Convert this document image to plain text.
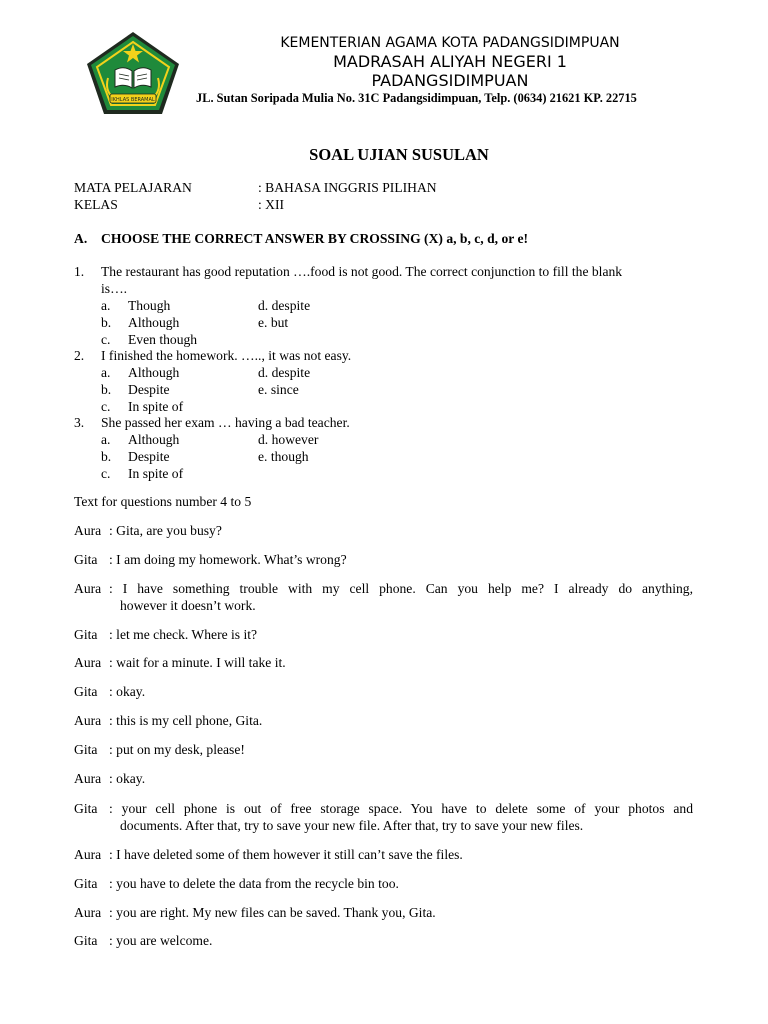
IKHLAS BERAMAL
KEMENTERIAN AGAMA KOTA PADANGSIDIMPUAN
MADRASAH ALIYAH NEGERI 1
PADANGSIDIMPUAN
JL. Sutan Soripada Mulia No. 31C Padangsidimpuan, Telp. (0634) 21621 KP. 22715
SOAL UJIAN SUSULAN
MATA PELAJARAN	: BAHASA INGGRIS PILIHAN
KELAS	: XII
A. CHOOSE THE CORRECT ANSWER BY CROSSING (X) a, b, c, d, or e!
1. The restaurant has good reputation ….food is not good. The correct conjunction to fill the blank
is….
a. Though
b. Although
c. Even though
d. despite
e. but
2. I finished the homework. ….., it was not easy.
a. Although
b. Despite
c. In spite of
d. despite
e. since
3. She passed her exam … having a bad teacher.
a. Although
b. Despite
c. In spite of
d. however
e. though
Text for questions number 4 to 5
Aura : Gita, are you busy?
Gita : I am doing my homework. What’s wrong?
Aura : I have something trouble with my cell phone. Can you help me? I already do anything,
however it doesn’t work.
Gita : let me check. Where is it?
Aura : wait for a minute. I will take it.
Gita : okay.
Aura : this is my cell phone, Gita.
Gita : put on my desk, please!
Aura : okay.
Gita : your cell phone is out of free storage space. You have to delete some of your photos and
documents. After that, try to save your new file. After that, try to save your new files.
Aura : I have deleted some of them however it still can’t save the files.
Gita : you have to delete the data from the recycle bin too.
Aura : you are right. My new files can be saved. Thank you, Gita.
Gita : you are welcome.
